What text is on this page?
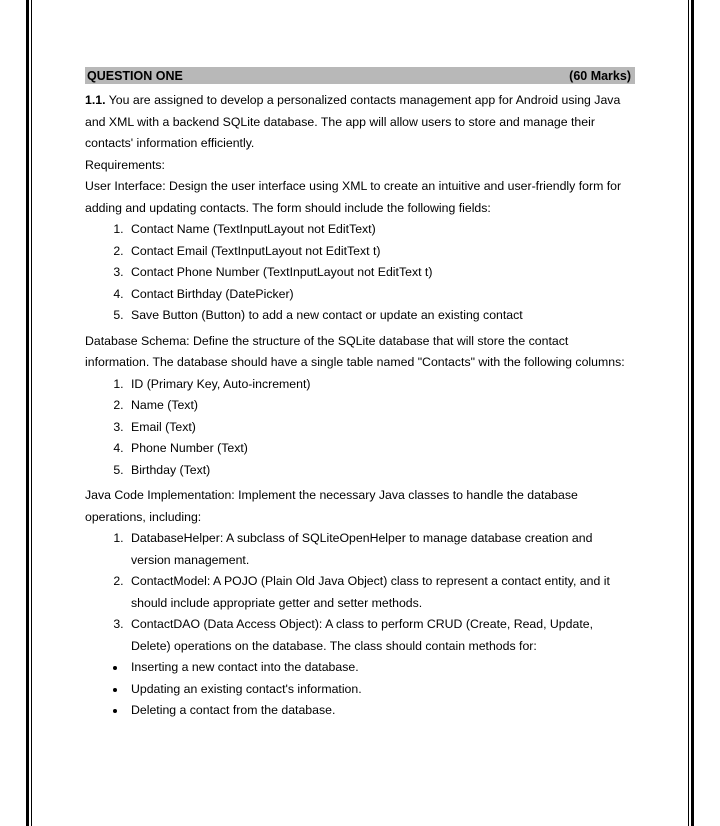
QUESTION ONE	(60 Marks)

1.1. You are assigned to develop a personalized contacts management app for Android using Java and XML with a backend SQLite database. The app will allow users to store and manage their contacts' information efficiently.

Requirements:

User Interface: Design the user interface using XML to create an intuitive and user-friendly form for adding and updating contacts. The form should include the following fields:

1. Contact Name (TextInputLayout not EditText)
2. Contact Email (TextInputLayout not EditText t)
3. Contact Phone Number (TextInputLayout not EditText t)
4. Contact Birthday (DatePicker)
5. Save Button (Button) to add a new contact or update an existing contact

Database Schema: Define the structure of the SQLite database that will store the contact information. The database should have a single table named "Contacts" with the following columns:

1. ID (Primary Key, Auto-increment)
2. Name (Text)
3. Email (Text)
4. Phone Number (Text)
5. Birthday (Text)

Java Code Implementation: Implement the necessary Java classes to handle the database operations, including:

1. DatabaseHelper: A subclass of SQLiteOpenHelper to manage database creation and version management.
2. ContactModel: A POJO (Plain Old Java Object) class to represent a contact entity, and it should include appropriate getter and setter methods.
3. ContactDAO (Data Access Object): A class to perform CRUD (Create, Read, Update, Delete) operations on the database. The class should contain methods for:
• Inserting a new contact into the database.
• Updating an existing contact's information.
• Deleting a contact from the database.
